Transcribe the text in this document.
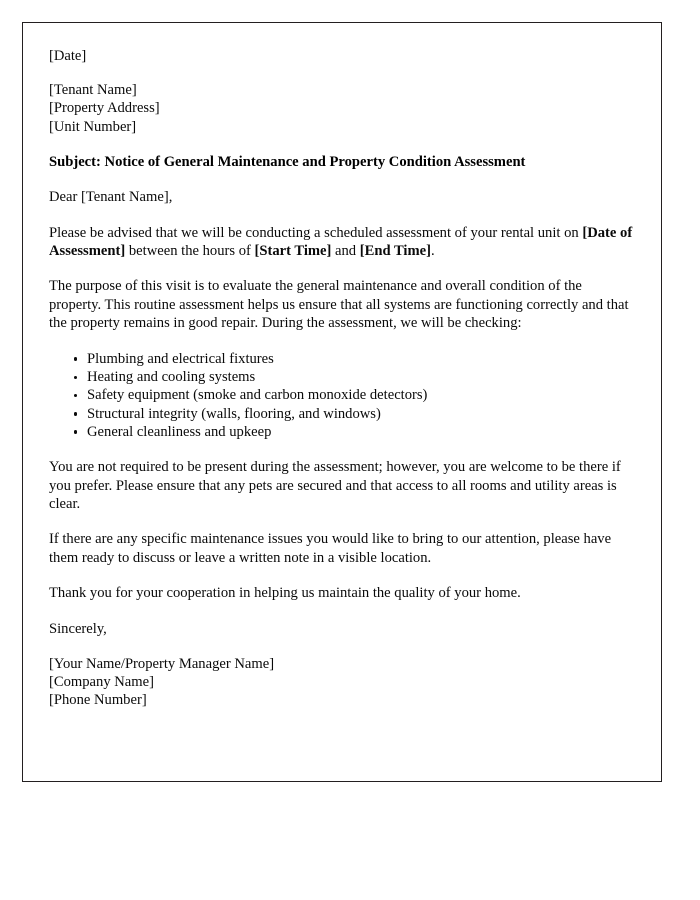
[Date]
[Tenant Name]
[Property Address]
[Unit Number]
Subject: Notice of General Maintenance and Property Condition Assessment
Dear [Tenant Name],
Please be advised that we will be conducting a scheduled assessment of your rental unit on [Date of Assessment] between the hours of [Start Time] and [End Time].
The purpose of this visit is to evaluate the general maintenance and overall condition of the property. This routine assessment helps us ensure that all systems are functioning correctly and that the property remains in good repair. During the assessment, we will be checking:
Plumbing and electrical fixtures
Heating and cooling systems
Safety equipment (smoke and carbon monoxide detectors)
Structural integrity (walls, flooring, and windows)
General cleanliness and upkeep
You are not required to be present during the assessment; however, you are welcome to be there if you prefer. Please ensure that any pets are secured and that access to all rooms and utility areas is clear.
If there are any specific maintenance issues you would like to bring to our attention, please have them ready to discuss or leave a written note in a visible location.
Thank you for your cooperation in helping us maintain the quality of your home.
Sincerely,
[Your Name/Property Manager Name]
[Company Name]
[Phone Number]
